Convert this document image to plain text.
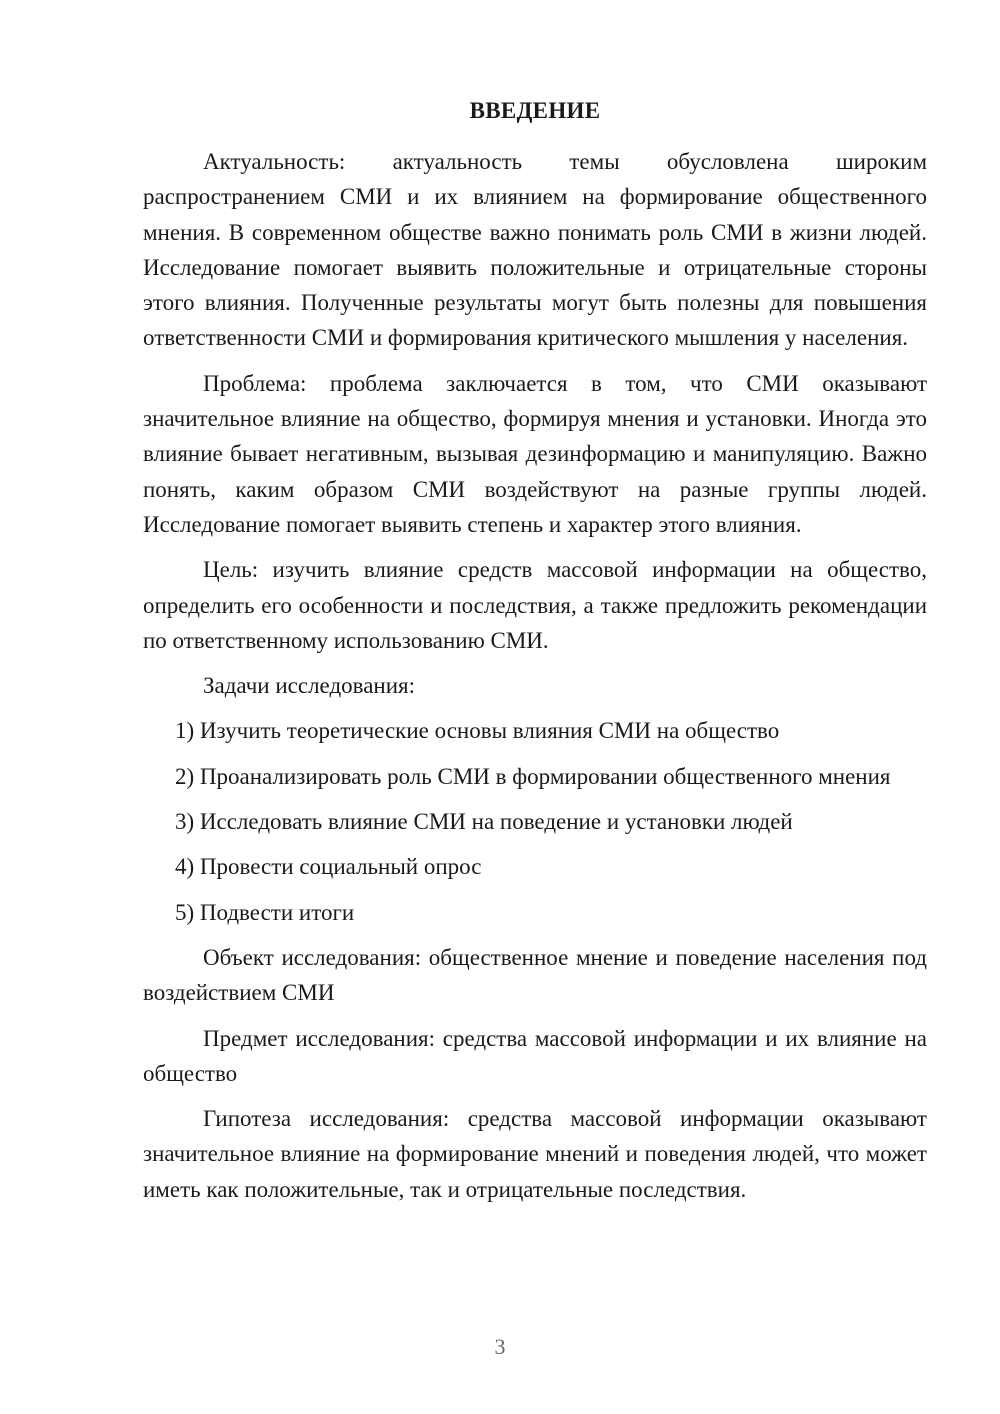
ВВЕДЕНИЕ

Актуальность: актуальность темы обусловлена широким распространением СМИ и их влиянием на формирование общественного мнения. В современном обществе важно понимать роль СМИ в жизни людей. Исследование помогает выявить положительные и отрицательные стороны этого влияния. Полученные результаты могут быть полезны для повышения ответственности СМИ и формирования критического мышления у населения.

Проблема: проблема заключается в том, что СМИ оказывают значительное влияние на общество, формируя мнения и установки. Иногда это влияние бывает негативным, вызывая дезинформацию и манипуляцию. Важно понять, каким образом СМИ воздействуют на разные группы людей. Исследование помогает выявить степень и характер этого влияния.

Цель: изучить влияние средств массовой информации на общество, определить его особенности и последствия, а также предложить рекомендации по ответственному использованию СМИ.

Задачи исследования:

1) Изучить теоретические основы влияния СМИ на общество

2) Проанализировать роль СМИ в формировании общественного мнения

3) Исследовать влияние СМИ на поведение и установки людей

4) Провести социальный опрос

5) Подвести итоги

Объект исследования: общественное мнение и поведение населения под воздействием СМИ

Предмет исследования: средства массовой информации и их влияние на общество

Гипотеза исследования: средства массовой информации оказывают значительное влияние на формирование мнений и поведения людей, что может иметь как положительные, так и отрицательные последствия.

3
